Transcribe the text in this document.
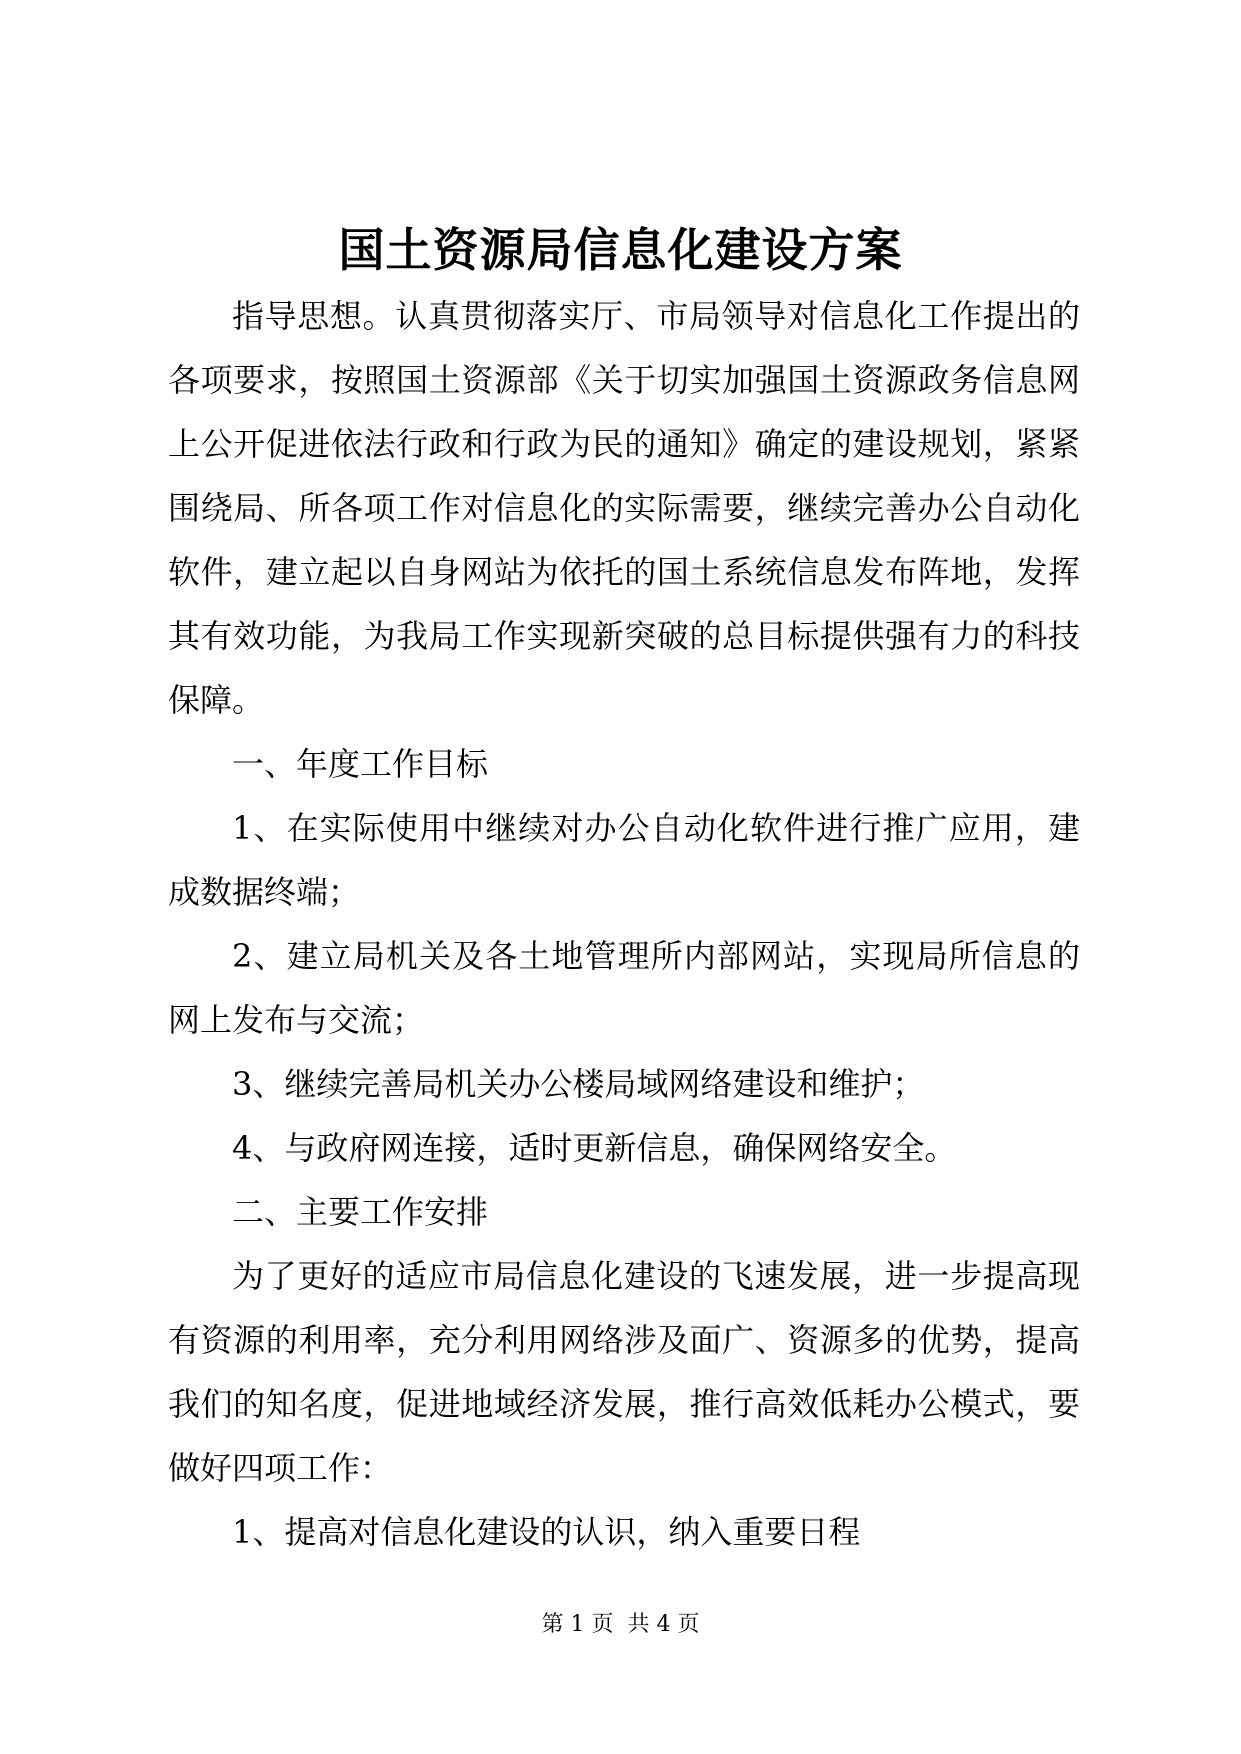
国土资源局信息化建设方案

指导思想。认真贯彻落实厅、市局领导对信息化工作提出的各项要求，按照国土资源部《关于切实加强国土资源政务信息网上公开促进依法行政和行政为民的通知》确定的建设规划，紧紧围绕局、所各项工作对信息化的实际需要，继续完善办公自动化软件，建立起以自身网站为依托的国土系统信息发布阵地，发挥其有效功能，为我局工作实现新突破的总目标提供强有力的科技保障。

一、年度工作目标

1、在实际使用中继续对办公自动化软件进行推广应用，建成数据终端；

2、建立局机关及各土地管理所内部网站，实现局所信息的网上发布与交流；

3、继续完善局机关办公楼局域网络建设和维护；

4、与政府网连接，适时更新信息，确保网络安全。

二、主要工作安排

为了更好的适应市局信息化建设的飞速发展，进一步提高现有资源的利用率，充分利用网络涉及面广、资源多的优势，提高我们的知名度，促进地域经济发展，推行高效低耗办公模式，要做好四项工作：

1、提高对信息化建设的认识，纳入重要日程

第 1 页  共 4 页
